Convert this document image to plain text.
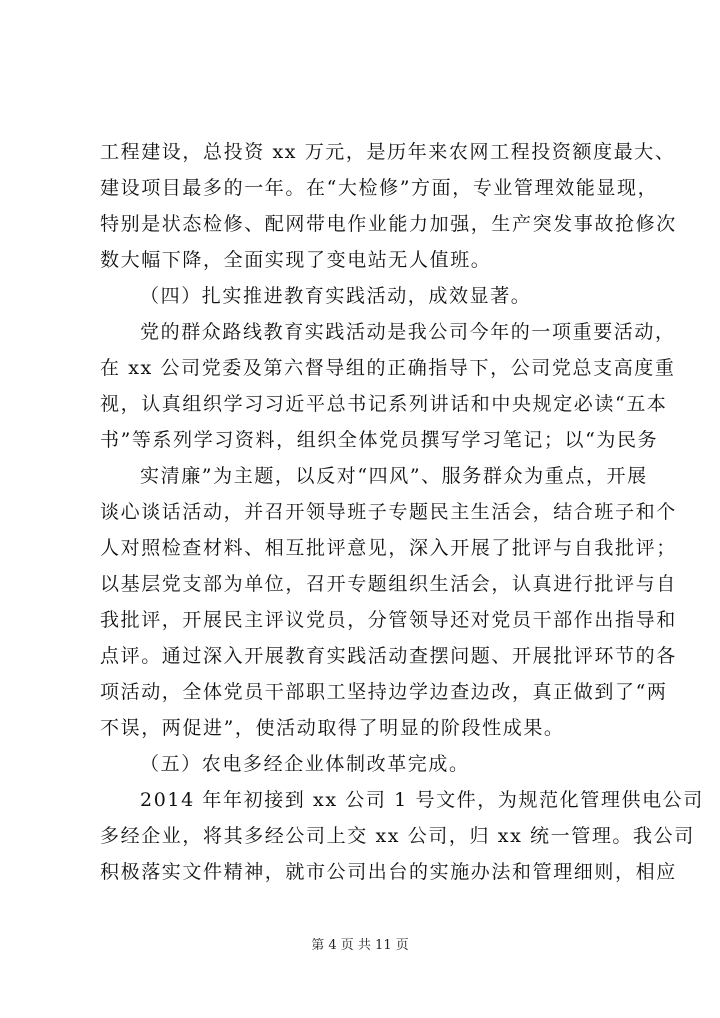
工程建设，总投资 xx 万元，是历年来农网工程投资额度最大、
建设项目最多的一年。在“大检修”方面，专业管理效能显现，
特别是状态检修、配网带电作业能力加强，生产突发事故抢修次
数大幅下降，全面实现了变电站无人值班。
（四）扎实推进教育实践活动，成效显著。
党的群众路线教育实践活动是我公司今年的一项重要活动，
在 xx 公司党委及第六督导组的正确指导下，公司党总支高度重
视，认真组织学习习近平总书记系列讲话和中央规定必读“五本
书”等系列学习资料，组织全体党员撰写学习笔记；以“为民务
实清廉”为主题，以反对“四风”、服务群众为重点，开展
谈心谈话活动，并召开领导班子专题民主生活会，结合班子和个
人对照检查材料、相互批评意见，深入开展了批评与自我批评；
以基层党支部为单位，召开专题组织生活会，认真进行批评与自
我批评，开展民主评议党员，分管领导还对党员干部作出指导和
点评。通过深入开展教育实践活动查摆问题、开展批评环节的各
项活动，全体党员干部职工坚持边学边查边改，真正做到了“两
不误，两促进”，使活动取得了明显的阶段性成果。
（五）农电多经企业体制改革完成。
2014 年年初接到 xx 公司 1 号文件，为规范化管理供电公司
多经企业，将其多经公司上交 xx 公司，归 xx 统一管理。我公司
积极落实文件精神，就市公司出台的实施办法和管理细则，相应
第 4 页 共 11 页
